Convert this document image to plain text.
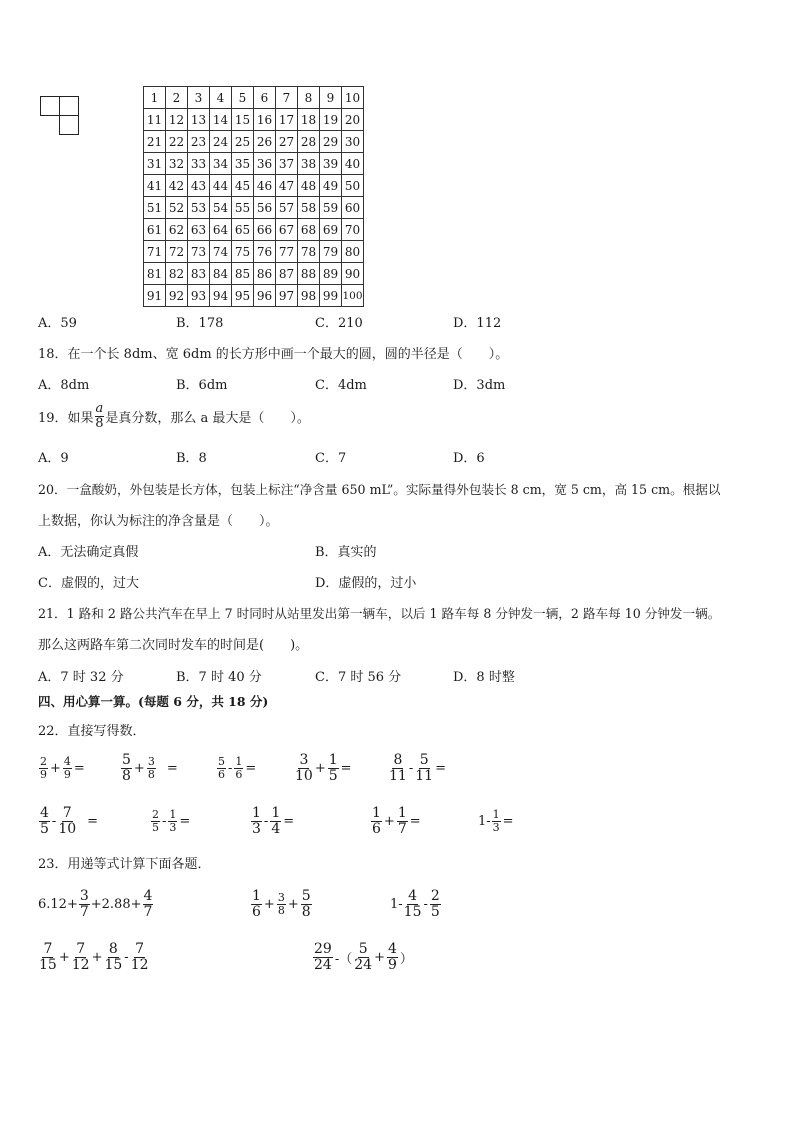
1	2	3	4	5	6	7	8	9	10
11	12	13	14	15	16	17	18	19	20
21	22	23	24	25	26	27	28	29	30
31	32	33	34	35	36	37	38	39	40
41	42	43	44	45	46	47	48	49	50
51	52	53	54	55	56	57	58	59	60
61	62	63	64	65	66	67	68	69	70
71	72	73	74	75	76	77	78	79	80
81	82	83	84	85	86	87	88	89	90
91	92	93	94	95	96	97	98	99	100
A．59	B．178	C．210	D．112
18．在一个长 8dm、宽 6dm 的长方形中画一个最大的圆，圆的半径是（　　）。
A．8dm	B．6dm	C．4dm	D．3dm
19．如果 $\frac{a}{8}$ 是真分数，那么 a 最大是（　　）。
A．9	B．8	C．7	D．6
20．一盒酸奶，外包装是长方体，包装上标注“净含量 650 mL”。实际量得外包装长 8 cm，宽 5 cm，高 15 cm。根据以
上数据，你认为标注的净含量是（　　）。
A．无法确定真假	B．真实的
C．虚假的，过大	D．虚假的，过小
21．1 路和 2 路公共汽车在早上 7 时同时从站里发出第一辆车，以后 1 路车每 8 分钟发一辆，2 路车每 10 分钟发一辆。
那么这两路车第二次同时发车的时间是(　　)。
A．7 时 32 分	B．7 时 40 分	C．7 时 56 分	D．8 时整
四、用心算一算。(每题 6 分，共 18 分)
22．直接写得数．
$\frac{2}{9} + \frac{4}{9}$ =	$\frac{5}{8} + \frac{3}{8}$ =	$\frac{5}{6} - \frac{1}{6}$ =	$\frac{3}{10} + \frac{1}{5}$ =	$\frac{8}{11} - \frac{5}{11}$ =
$\frac{4}{5} - \frac{7}{10}$ =	$\frac{2}{5} - \frac{1}{3}$ =	$\frac{1}{3} - \frac{1}{4}$ =	$\frac{1}{6} + \frac{1}{7}$ =	$1- \frac{1}{3}$ =
23．用递等式计算下面各题．
$6.12+ \frac{3}{7} +2.88+ \frac{4}{7}$	$\frac{1}{6} + \frac{3}{8} + \frac{5}{8}$	$1- \frac{4}{15} - \frac{2}{5}$
$\frac{7}{15} + \frac{7}{12} + \frac{8}{15} - \frac{7}{12}$	$\frac{29}{24}$ -（ $\frac{5}{24} + \frac{4}{9}$ ）
